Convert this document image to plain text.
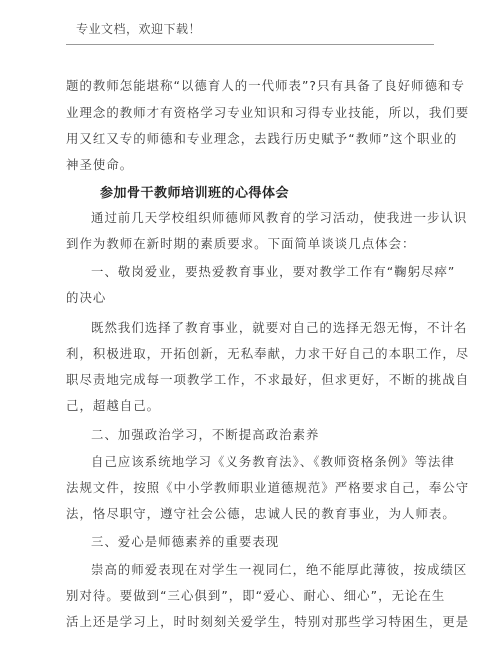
专业文档，欢迎下载！
题的教师怎能堪称“以德育人的一代师表”?只有具备了良好师德和专
业理念的教师才有资格学习专业知识和习得专业技能，所以，我们要
用又红又专的师德和专业理念，去践行历史赋予“教师”这个职业的
神圣使命。
参加骨干教师培训班的心得体会
通过前几天学校组织师德师风教育的学习活动，使我进一步认识
到作为教师在新时期的素质要求。下面简单谈谈几点体会：
一、敬岗爱业，要热爱教育事业，要对教学工作有“鞠躬尽瘁”
的决心
既然我们选择了教育事业，就要对自己的选择无怨无悔，不计名
利，积极进取，开拓创新，无私奉献，力求干好自己的本职工作，尽
职尽责地完成每一项教学工作，不求最好，但求更好，不断的挑战自
己，超越自己。
二、加强政治学习，不断提高政治素养
自己应该系统地学习《义务教育法》、《教师资格条例》等法律
法规文件，按照《中小学教师职业道德规范》严格要求自己，奉公守
法，恪尽职守，遵守社会公德，忠诚人民的教育事业，为人师表。
三、爱心是师德素养的重要表现
崇高的师爱表现在对学生一视同仁，绝不能厚此薄彼，按成绩区
别对待。要做到“三心俱到”，即“爱心、耐心、细心”，无论在生
活上还是学习上，时时刻刻关爱学生，特别对那些学习特困生，更是
